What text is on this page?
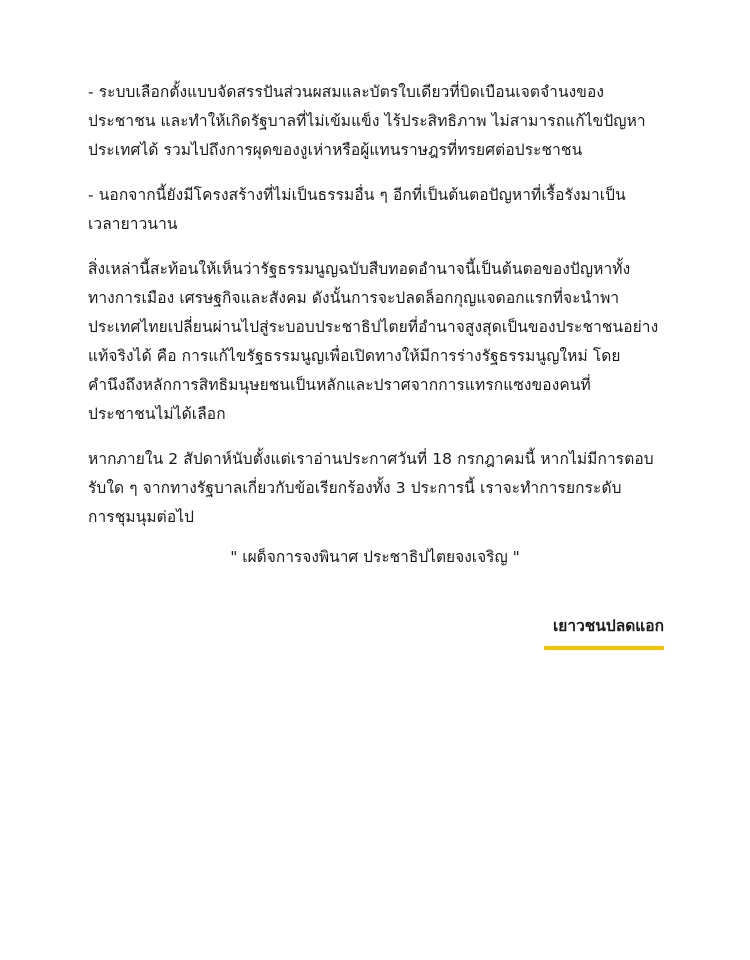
- ระบบเลือกตั้งแบบจัดสรรปันส่วนผสมและบัตรใบเดียวที่บิดเบือนเจตจำนงของ
ประชาชน และทำให้เกิดรัฐบาลที่ไม่เข้มแข็ง ไร้ประสิทธิภาพ ไม่สามารถแก้ไขปัญหา
ประเทศได้ รวมไปถึงการผุดของงูเห่าหรือผู้แทนราษฎรที่ทรยศต่อประชาชน

- นอกจากนี้ยังมีโครงสร้างที่ไม่เป็นธรรมอื่น ๆ อีกที่เป็นต้นตอปัญหาที่เรื้อรังมาเป็น
เวลายาวนาน

สิ่งเหล่านี้สะท้อนให้เห็นว่ารัฐธรรมนูญฉบับสืบทอดอำนาจนี้เป็นต้นตอของปัญหาทั้ง
ทางการเมือง เศรษฐกิจและสังคม ดังนั้นการจะปลดล็อกกุญแจดอกแรกที่จะนำพา
ประเทศไทยเปลี่ยนผ่านไปสู่ระบอบประชาธิปไตยที่อำนาจสูงสุดเป็นของประชาชนอย่าง
แท้จริงได้ คือ การแก้ไขรัฐธรรมนูญเพื่อเปิดทางให้มีการร่างรัฐธรรมนูญใหม่ โดย
คำนึงถึงหลักการสิทธิมนุษยชนเป็นหลักและปราศจากการแทรกแซงของคนที่
ประชาชนไม่ได้เลือก

หากภายใน 2 สัปดาห์นับตั้งแต่เราอ่านประกาศวันที่ 18 กรกฎาคมนี้ หากไม่มีการตอบ
รับใด ๆ จากทางรัฐบาลเกี่ยวกับข้อเรียกร้องทั้ง 3 ประการนี้ เราจะทำการยกระดับ
การชุมนุมต่อไป

" เผด็จการจงพินาศ ประชาธิปไตยจงเจริญ "
เยาวชนปลดแอก
